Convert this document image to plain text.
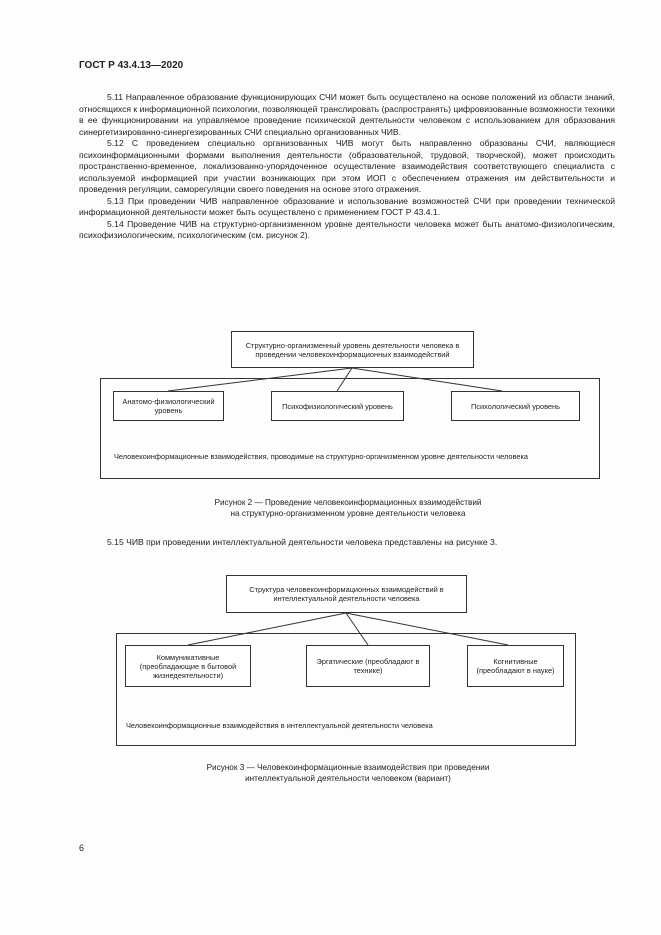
ГОСТ Р 43.4.13—2020

5.11 Направленное образование функционирующих СЧИ может быть осуществлено на основе положений из области знаний, относящихся к информационной психологии, позволяющей транслировать (распространять) цифровизованные возможности техники в ее функционировании на управляемое проведение психической деятельности человеком с использованием для образования синергетизированно-синергезированных СЧИ специально организованных ЧИВ.

5.12 С проведением специально организованных ЧИВ могут быть направленно образованы СЧИ, являющиеся психоинформационными формами выполнения деятельности (образовательной, трудовой, творческой), может происходить пространственно-временное, локализованно-упорядоченное осуществление взаимодействия соответствующего специалиста с используемой информацией при участии возникающих при этом ИОП с обеспечением отражения им действительности и проведения регуляции, саморегуляции своего поведения на основе этого отражения.

5.13 При проведении ЧИВ направленное образование и использование возможностей СЧИ при проведении технической информационной деятельности может быть осуществлено с применением ГОСТ Р 43.4.1.

5.14 Проведение ЧИВ на структурно-организменном уровне деятельности человека может быть анатомо-физиологическим, психофизиологическим, психологическим (см. рисунок 2).

Структурно-организменный уровень деятельности человека в проведении человекоинформационных взаимодействий
Анатомо-физиологический уровень	Психофизиологический уровень	Психологический уровень
Человекоинформационные взаимодействия, проводимые на структурно-организменном уровне деятельности человека
Рисунок 2 — Проведение человекоинформационных взаимодействий
на структурно-организменном уровне деятельности человека

5.15 ЧИВ при проведении интеллектуальной деятельности человека представлены на рисунке 3.

Структура человекоинформационных взаимодействий в интеллектуальной деятельности человека
Коммуникативные (преобладающие в бытовой жизнедеятельности)
Эргатические (преобладают в технике)
Когнитивные (преобладают в науке)
Человекоинформационные взаимодействия в интеллектуальной деятельности человека
Рисунок 3 — Человекоинформационные взаимодействия при проведении
интеллектуальной деятельности человеком (вариант)
6
